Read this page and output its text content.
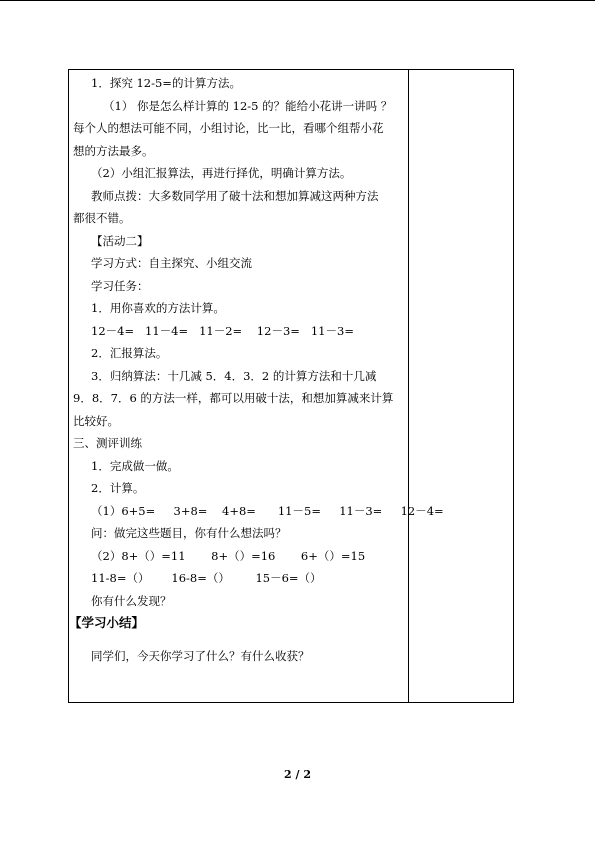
1．探究 12-5=的计算方法。
（1） 你是怎么样计算的 12-5 的？能给小花讲一讲吗 ？
每个人的想法可能不同，小组讨论，比一比，看哪个组帮小花
想的方法最多。
（2）小组汇报算法，再进行择优，明确计算方法。
教师点拨：大多数同学用了破十法和想加算减这两种方法
都很不错。
【活动二】
学习方式：自主探究、小组交流
学习任务：
1．用你喜欢的方法计算。
12－4=   11－4=   11－2=    12－3=   11－3=
2．汇报算法。
3．归纳算法：十几减 5．4．3．2 的计算方法和十几减
9．8．7．6 的方法一样，都可以用破十法，和想加算减来计算
比较好。
三、测评训练
1．完成做一做。
2．计算。
（1）6+5=     3+8=    4+8=      11－5=     11－3=     12－4=
问：做完这些题目，你有什么想法吗？
（2）8+（）=11       8+（）=16       6+（）=15
11-8=（）      16-8=（）       15－6=（）
你有什么发现？
【学习小结】
同学们，今天你学习了什么？有什么收获？
2 / 2
